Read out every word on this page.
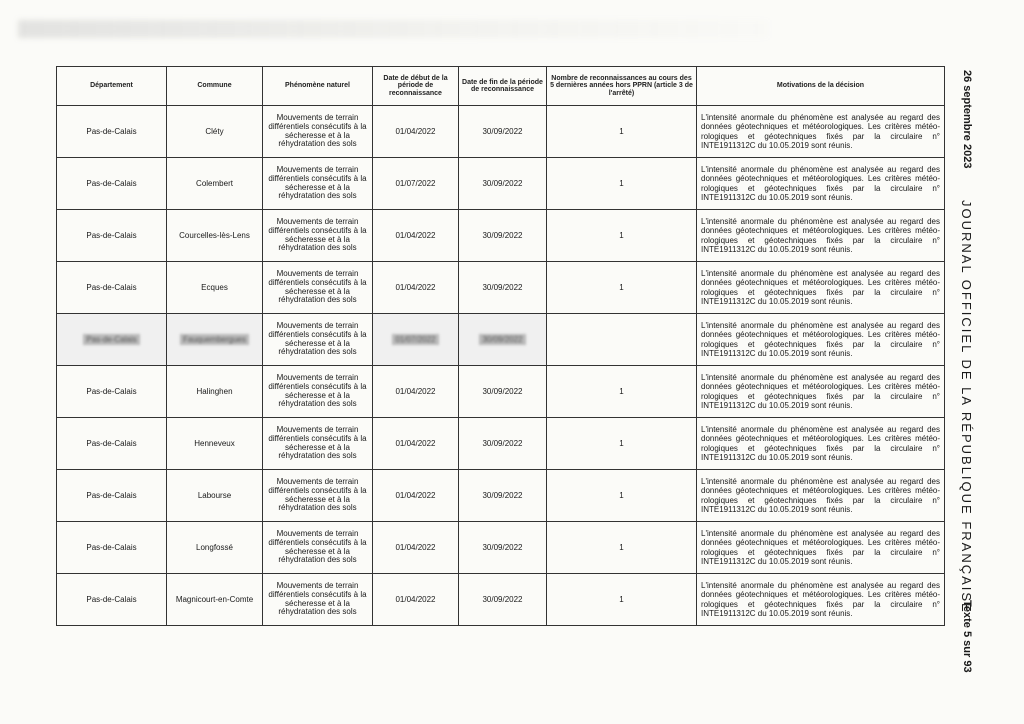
Département	Commune	Phénomène naturel	Date de début de la période de reconnaissance	Date de fin de la période de reconnaissance	Nombre de reconnaissances au cours des 5 dernières années hors PPRN (article 3 de l'arrêté)	Motivations de la décision
Pas-de-Calais	Cléty	Mouvements de terrain différentiels consécutifs à la sécheresse et à la réhydratation des sols	01/04/2022	30/09/2022	1	L'intensité anormale du phénomène est analysée au regard des données géotechniques et météorologiques. Les critères météo-rologiques et géotechniques fixés par la circulaire n° INTE1911312C du 10.05.2019 sont réunis.
Pas-de-Calais	Colembert	Mouvements de terrain différentiels consécutifs à la sécheresse et à la réhydratation des sols	01/07/2022	30/09/2022	1	L'intensité anormale du phénomène est analysée au regard des données géotechniques et météorologiques. Les critères météo-rologiques et géotechniques fixés par la circulaire n° INTE1911312C du 10.05.2019 sont réunis.
Pas-de-Calais	Courcelles-lès-Lens	Mouvements de terrain différentiels consécutifs à la sécheresse et à la réhydratation des sols	01/04/2022	30/09/2022	1	L'intensité anormale du phénomène est analysée au regard des données géotechniques et météorologiques. Les critères météo-rologiques et géotechniques fixés par la circulaire n° INTE1911312C du 10.05.2019 sont réunis.
Pas-de-Calais	Ecques	Mouvements de terrain différentiels consécutifs à la sécheresse et à la réhydratation des sols	01/04/2022	30/09/2022	1	L'intensité anormale du phénomène est analysée au regard des données géotechniques et météorologiques. Les critères météo-rologiques et géotechniques fixés par la circulaire n° INTE1911312C du 10.05.2019 sont réunis.
Pas-de-Calais	Fauquembergues	Mouvements de terrain différentiels consécutifs à la sécheresse et à la réhydratation des sols	01/07/2022	30/09/2022		L'intensité anormale du phénomène est analysée au regard des données géotechniques et météorologiques. Les critères météo-rologiques et géotechniques fixés par la circulaire n° INTE1911312C du 10.05.2019 sont réunis.
Pas-de-Calais	Halinghen	Mouvements de terrain différentiels consécutifs à la sécheresse et à la réhydratation des sols	01/04/2022	30/09/2022	1	L'intensité anormale du phénomène est analysée au regard des données géotechniques et météorologiques. Les critères météo-rologiques et géotechniques fixés par la circulaire n° INTE1911312C du 10.05.2019 sont réunis.
Pas-de-Calais	Henneveux	Mouvements de terrain différentiels consécutifs à la sécheresse et à la réhydratation des sols	01/04/2022	30/09/2022	1	L'intensité anormale du phénomène est analysée au regard des données géotechniques et météorologiques. Les critères météo-rologiques et géotechniques fixés par la circulaire n° INTE1911312C du 10.05.2019 sont réunis.
Pas-de-Calais	Labourse	Mouvements de terrain différentiels consécutifs à la sécheresse et à la réhydratation des sols	01/04/2022	30/09/2022	1	L'intensité anormale du phénomène est analysée au regard des données géotechniques et météorologiques. Les critères météo-rologiques et géotechniques fixés par la circulaire n° INTE1911312C du 10.05.2019 sont réunis.
Pas-de-Calais	Longfossé	Mouvements de terrain différentiels consécutifs à la sécheresse et à la réhydratation des sols	01/04/2022	30/09/2022	1	L'intensité anormale du phénomène est analysée au regard des données géotechniques et météorologiques. Les critères météo-rologiques et géotechniques fixés par la circulaire n° INTE1911312C du 10.05.2019 sont réunis.
Pas-de-Calais	Magnicourt-en-Comte	Mouvements de terrain différentiels consécutifs à la sécheresse et à la réhydratation des sols	01/04/2022	30/09/2022	1	L'intensité anormale du phénomène est analysée au regard des données géotechniques et météorologiques. Les critères météo-rologiques et géotechniques fixés par la circulaire n° INTE1911312C du 10.05.2019 sont réunis.
26 septembre 2023
JOURNAL OFFICIEL DE LA RÉPUBLIQUE FRANÇAISE
Texte 5 sur 93
